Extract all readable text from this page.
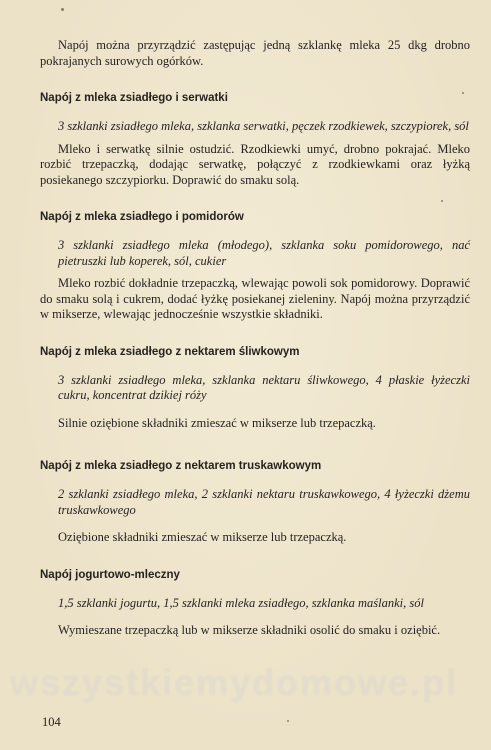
Napój można przyrządzić zastępując jedną szklankę mleka 25 dkg drobno pokrajanych surowych ogórków.

Napój z mleka zsiadłego i serwatki

3 szklanki zsiadłego mleka, szklanka serwatki, pęczek rzodkiewek, szczypiorek, sól

Mleko i serwatkę silnie ostudzić. Rzodkiewki umyć, drobno pokrajać. Mleko rozbić trzepaczką, dodając serwatkę, połączyć z rzodkiewkami oraz łyżką posiekanego szczypiorku. Doprawić do smaku solą.

Napój z mleka zsiadłego i pomidorów

3 szklanki zsiadłego mleka (młodego), szklanka soku pomidorowego, nać pietruszki lub koperek, sól, cukier

Mleko rozbić dokładnie trzepaczką, wlewając powoli sok pomidorowy. Doprawić do smaku solą i cukrem, dodać łyżkę posiekanej zieleniny. Napój można przyrządzić w mikserze, wlewając jednocześnie wszystkie składniki.

Napój z mleka zsiadłego z nektarem śliwkowym

3 szklanki zsiadłego mleka, szklanka nektaru śliwkowego, 4 płaskie łyżeczki cukru, koncentrat dzikiej róży

Silnie oziębione składniki zmieszać w mikserze lub trzepaczką.

Napój z mleka zsiadłego z nektarem truskawkowym

2 szklanki zsiadłego mleka, 2 szklanki nektaru truskawkowego, 4 łyżeczki dżemu truskawkowego

Oziębione składniki zmieszać w mikserze lub trzepaczką.

Napój jogurtowo-mleczny

1,5 szklanki jogurtu, 1,5 szklanki mleka zsiadłego, szklanka maślanki, sól

Wymieszane trzepaczką lub w mikserze składniki osolić do smaku i oziębić.

wszystkiemydomowe.pl
104
